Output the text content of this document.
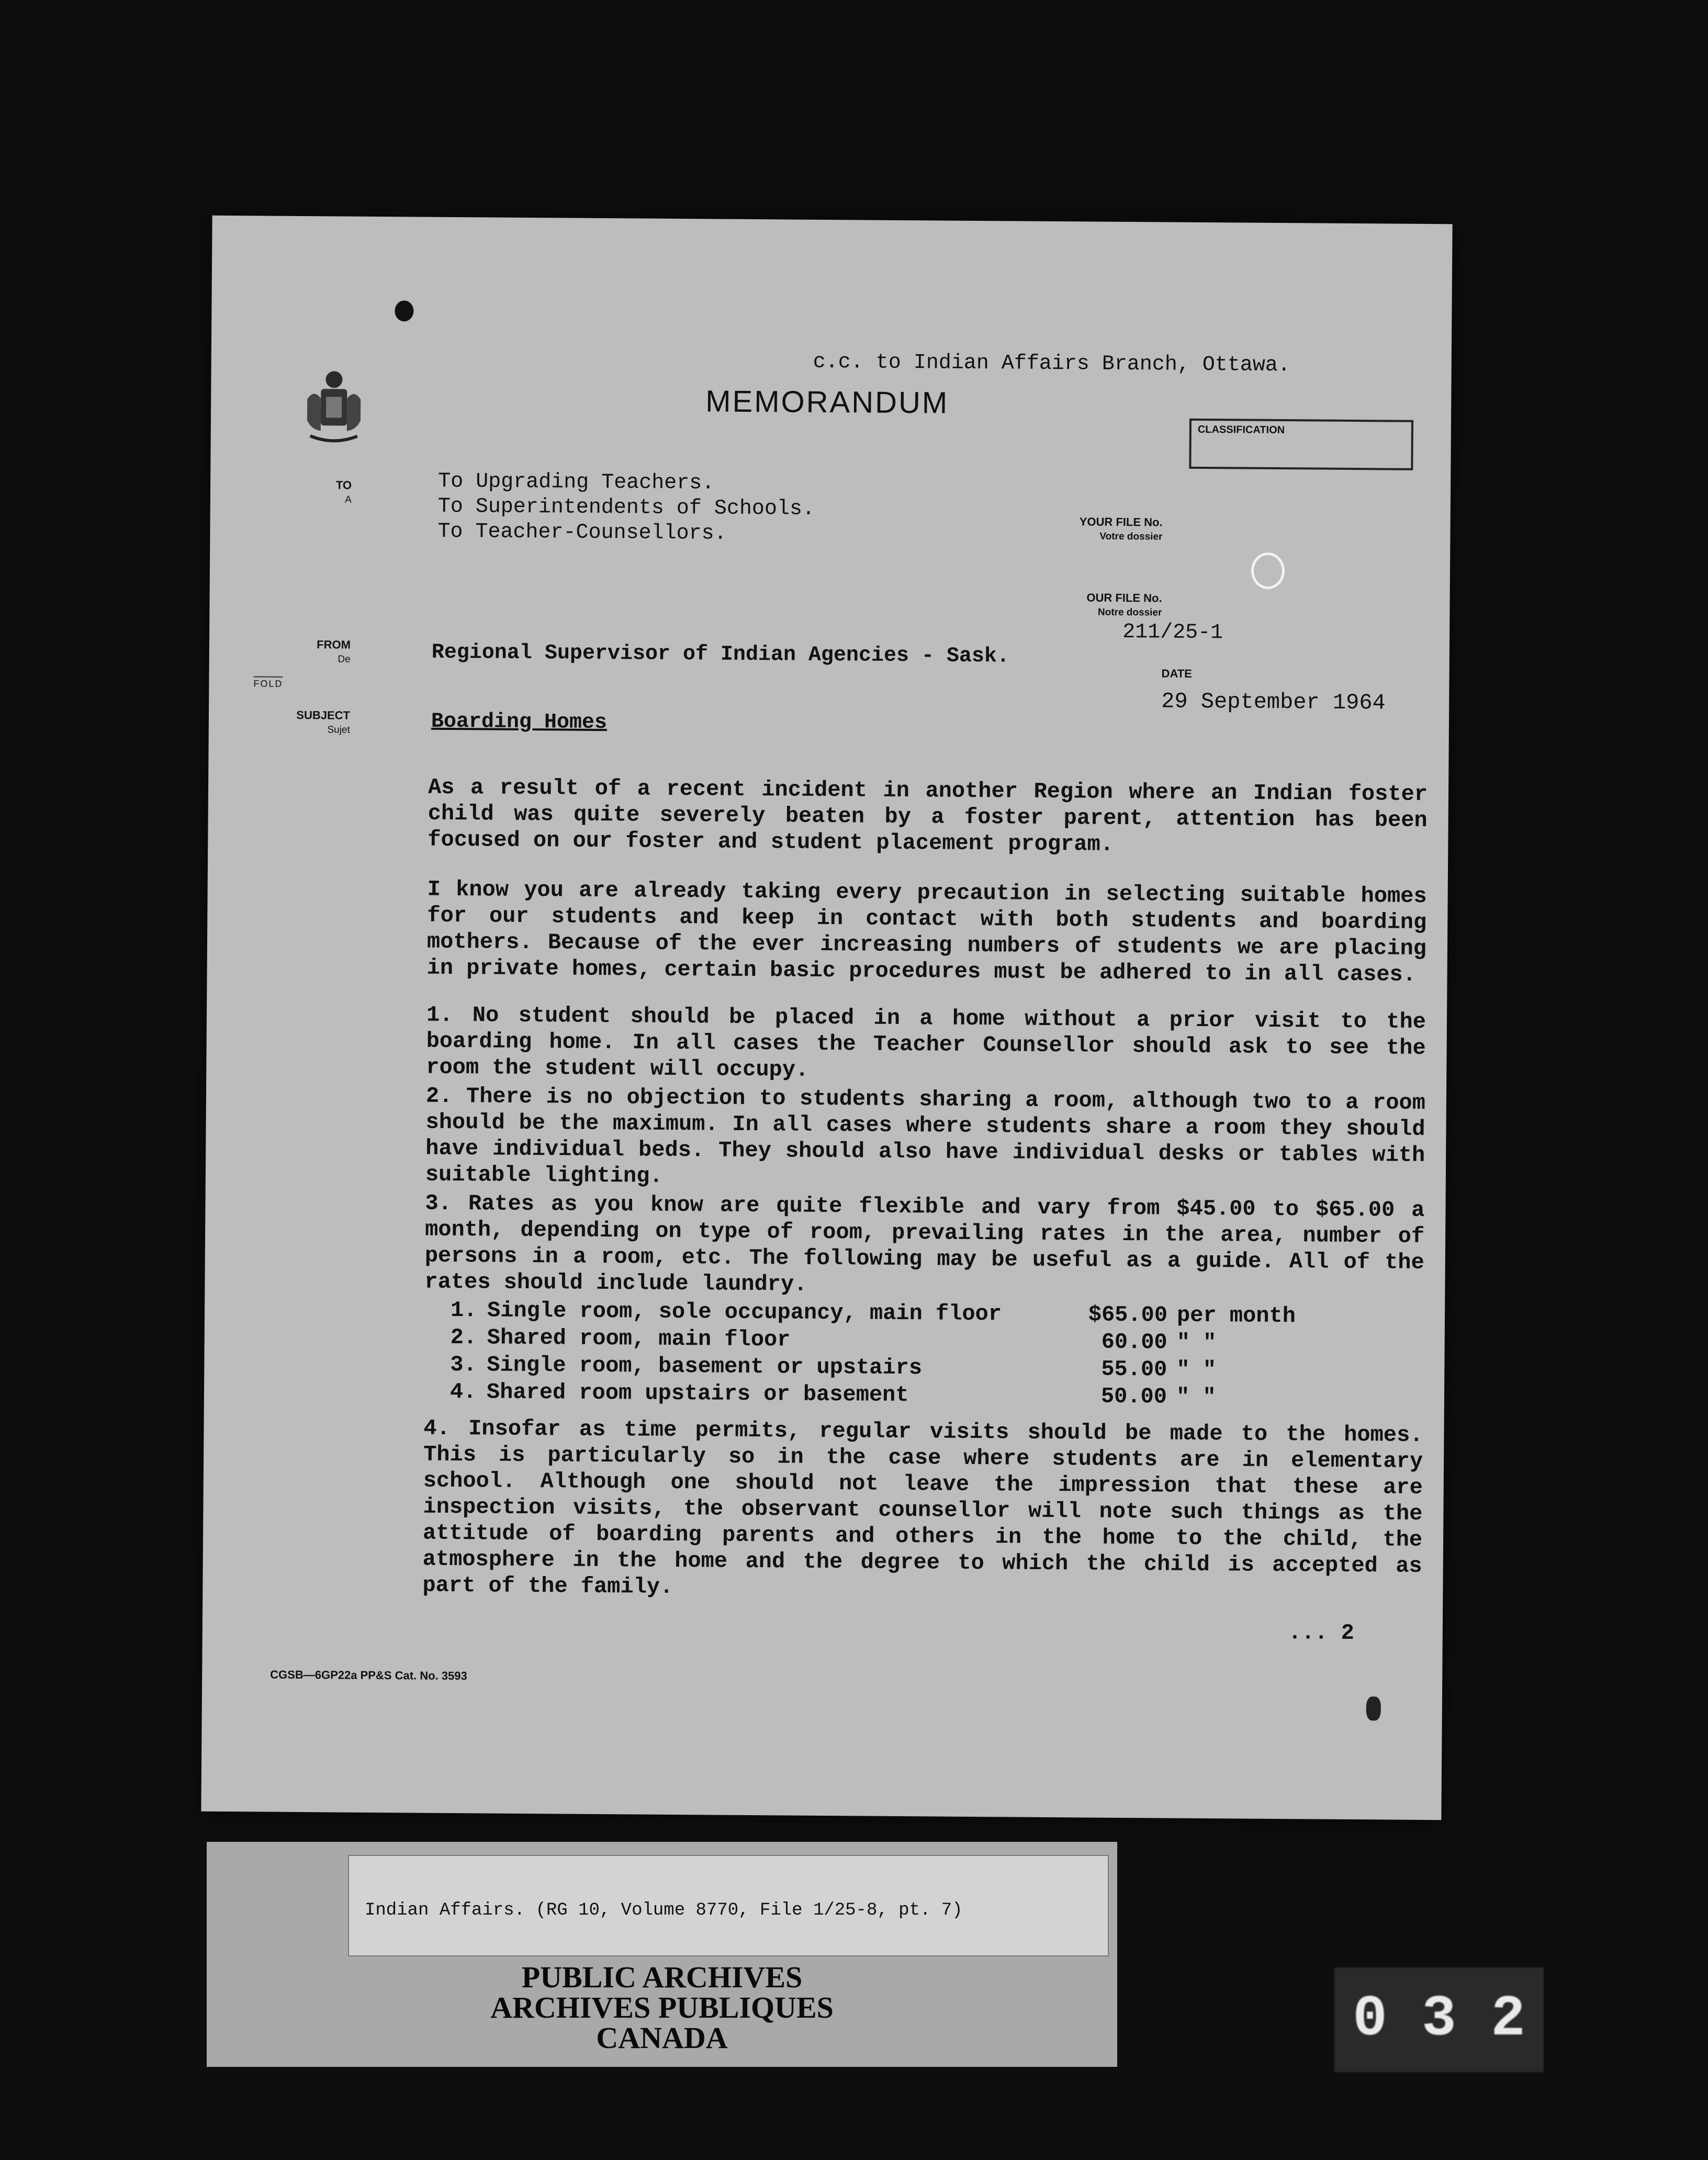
c.c. to Indian Affairs Branch, Ottawa.
MEMORANDUM
CLASSIFICATION
TO
A
To Upgrading Teachers.
To Superintendents of Schools.
To Teacher-Counsellors.	YOUR FILE No.
Votre dossier
OUR FILE No.
Notre dossier
211/25-1
FROM
De	Regional Supervisor of Indian Agencies - Sask.
FOLD
DATE
29 September 1964
SUBJECT
Sujet	Boarding Homes
As a result of a recent incident in another Region where an Indian foster child was quite severely beaten by a foster parent, attention has been focused on our foster and student placement program.
I know you are already taking every precaution in selecting suitable homes for our students and keep in contact with both students and boarding mothers. Because of the ever increasing numbers of students we are placing in private homes, certain basic procedures must be adhered to in all cases.
1. No student should be placed in a home without a prior visit to the boarding home. In all cases the Teacher Counsellor should ask to see the room the student will occupy.
2. There is no objection to students sharing a room, although two to a room should be the maximum. In all cases where students share a room they should have individual beds. They should also have individual desks or tables with suitable lighting.
3. Rates as you know are quite flexible and vary from $45.00 to $65.00 a month, depending on type of room, prevailing rates in the area, number of persons in a room, etc. The following may be useful as a guide. All of the rates should include laundry.
1. Single room, sole occupancy, main floor	$65.00 per month
2. Shared room, main floor	60.00 " "
3. Single room, basement or upstairs	55.00 " "
4. Shared room upstairs or basement	50.00 " "
4. Insofar as time permits, regular visits should be made to the homes. This is particularly so in the case where students are in elementary school. Although one should not leave the impression that these are inspection visits, the observant counsellor will note such things as the attitude of boarding parents and others in the home to the child, the atmosphere in the home and the degree to which the child is accepted as part of the family.
... 2
CGSB—6GP22a PP&S Cat. No. 3593
PUBLIC ARCHIVES
ARCHIVES PUBLIQUES
CANADA
Indian Affairs. (RG 10, Volume 8770, File 1/25-8, pt. 7)
0 3 2
